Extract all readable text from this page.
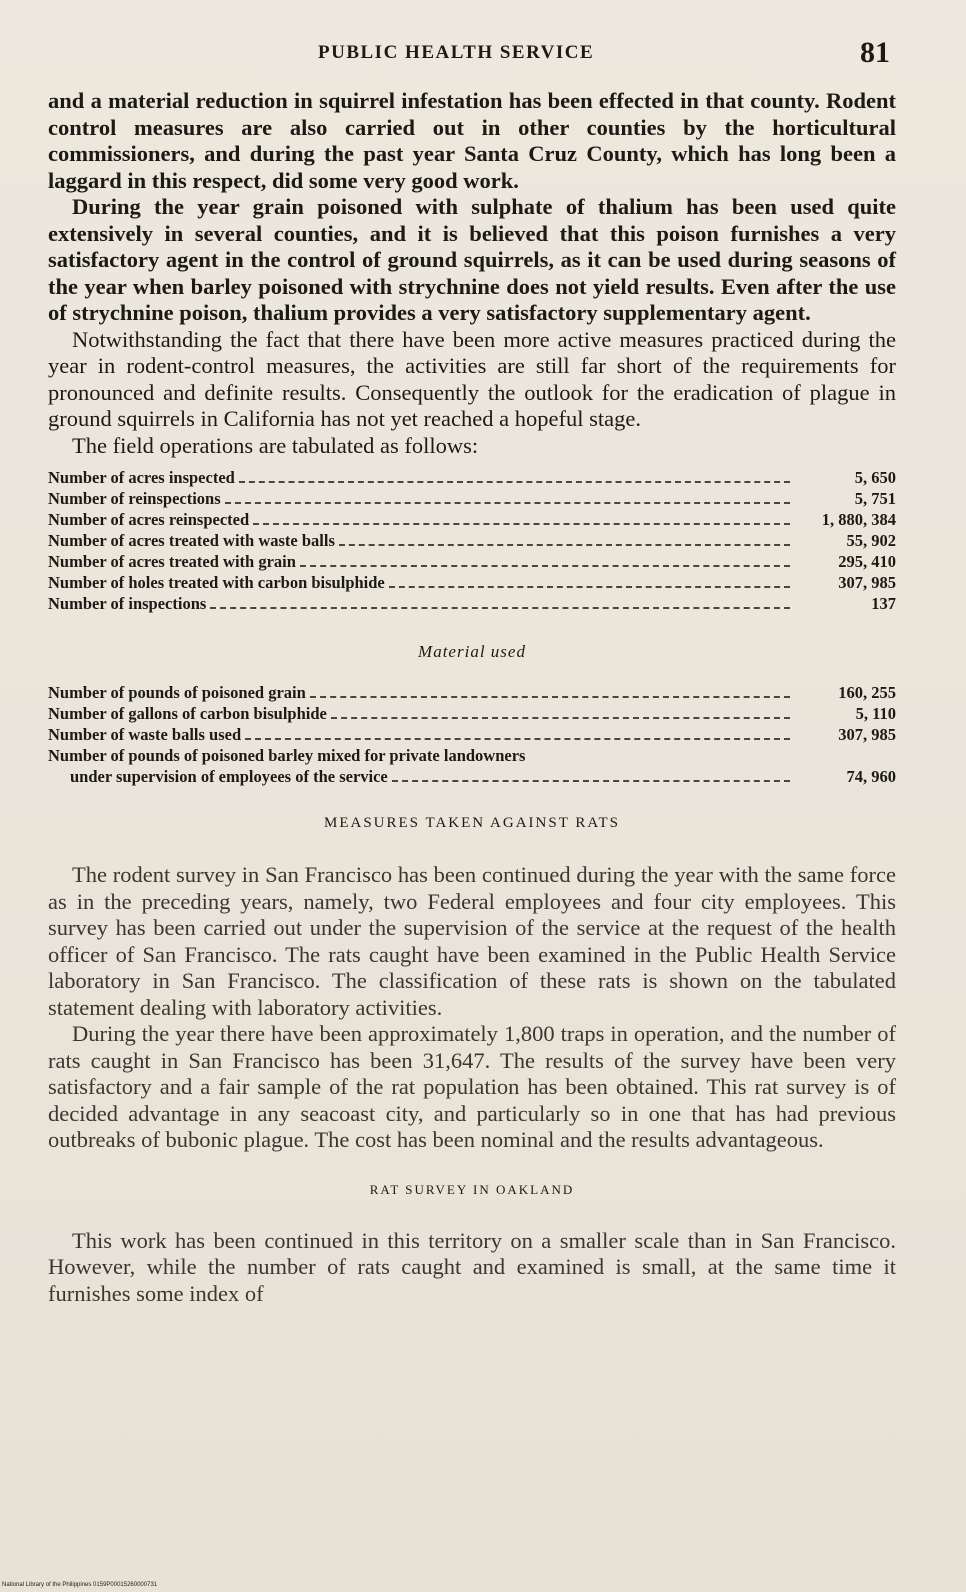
PUBLIC HEALTH SERVICE	81

and a material reduction in squirrel infestation has been effected in that county. Rodent control measures are also carried out in other counties by the horticultural commissioners, and during the past year Santa Cruz County, which has long been a laggard in this respect, did some very good work.

During the year grain poisoned with sulphate of thalium has been used quite extensively in several counties, and it is believed that this poison furnishes a very satisfactory agent in the control of ground squirrels, as it can be used during seasons of the year when barley poisoned with strychnine does not yield results. Even after the use of strychnine poison, thalium provides a very satisfactory supplementary agent.

Notwithstanding the fact that there have been more active measures practiced during the year in rodent-control measures, the activities are still far short of the requirements for pronounced and definite results. Consequently the outlook for the eradication of plague in ground squirrels in California has not yet reached a hopeful stage.

The field operations are tabulated as follows:

Number of acres inspected	5, 650
Number of reinspections	5, 751
Number of acres reinspected	1, 880, 384
Number of acres treated with waste balls	55, 902
Number of acres treated with grain	295, 410
Number of holes treated with carbon bisulphide	307, 985
Number of inspections	137
Material used
Number of pounds of poisoned grain	160, 255
Number of gallons of carbon bisulphide	5, 110
Number of waste balls used	307, 985
Number of pounds of poisoned barley mixed for private landowners
under supervision of employees of the service	74, 960
MEASURES TAKEN AGAINST RATS

The rodent survey in San Francisco has been continued during the year with the same force as in the preceding years, namely, two Federal employees and four city employees. This survey has been carried out under the supervision of the service at the request of the health officer of San Francisco. The rats caught have been examined in the Public Health Service laboratory in San Francisco. The classification of these rats is shown on the tabulated statement dealing with laboratory activities.

During the year there have been approximately 1,800 traps in operation, and the number of rats caught in San Francisco has been 31,647. The results of the survey have been very satisfactory and a fair sample of the rat population has been obtained. This rat survey is of decided advantage in any seacoast city, and particularly so in one that has had previous outbreaks of bubonic plague. The cost has been nominal and the results advantageous.

RAT SURVEY IN OAKLAND

This work has been continued in this territory on a smaller scale than in San Francisco. However, while the number of rats caught and examined is small, at the same time it furnishes some index of

National Library of the Philippines 0159P00015260000731
